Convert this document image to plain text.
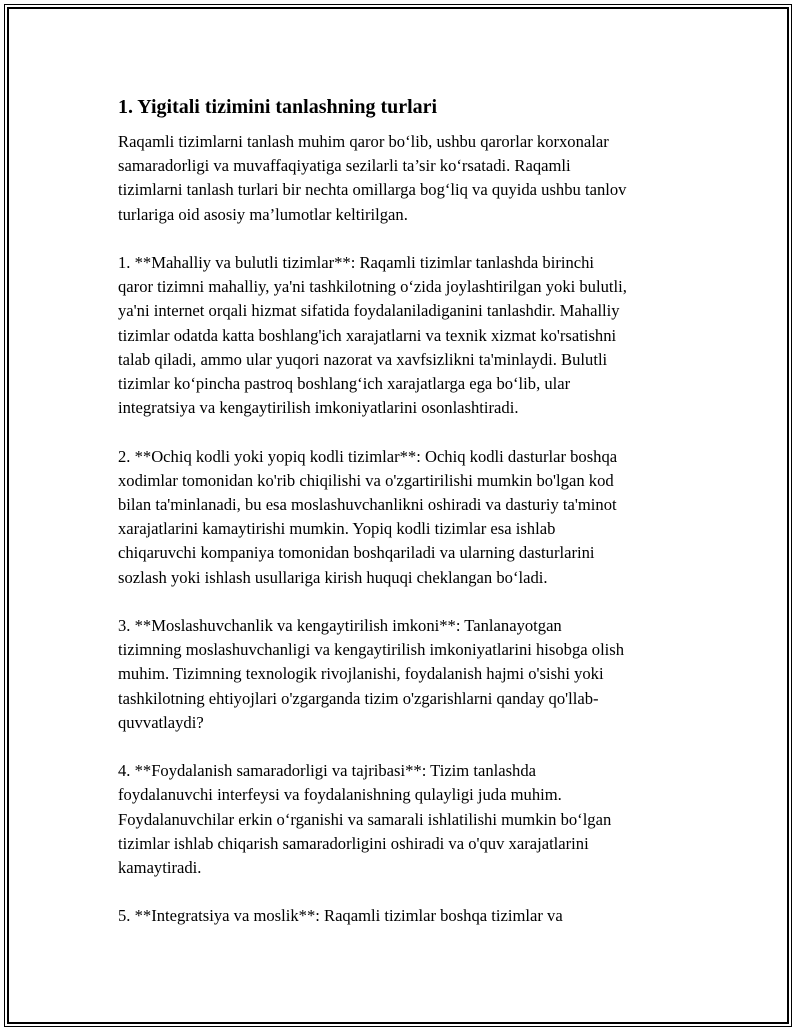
1. Yigitali tizimini tanlashning turlari

Raqamli tizimlarni tanlash muhim qaror bo‘lib, ushbu qarorlar korxonalar
samaradorligi va muvaffaqiyatiga sezilarli ta’sir ko‘rsatadi. Raqamli
tizimlarni tanlash turlari bir nechta omillarga bog‘liq va quyida ushbu tanlov
turlariga oid asosiy ma’lumotlar keltirilgan.

1. **Mahalliy va bulutli tizimlar**: Raqamli tizimlar tanlashda birinchi
qaror tizimni mahalliy, ya'ni tashkilotning o‘zida joylashtirilgan yoki bulutli,
ya'ni internet orqali hizmat sifatida foydalaniladiganini tanlashdir. Mahalliy
tizimlar odatda katta boshlang'ich xarajatlarni va texnik xizmat ko'rsatishni
talab qiladi, ammo ular yuqori nazorat va xavfsizlikni ta'minlaydi. Bulutli
tizimlar ko‘pincha pastroq boshlang‘ich xarajatlarga ega bo‘lib, ular
integratsiya va kengaytirilish imkoniyatlarini osonlashtiradi.

2. **Ochiq kodli yoki yopiq kodli tizimlar**: Ochiq kodli dasturlar boshqa
xodimlar tomonidan ko'rib chiqilishi va o'zgartirilishi mumkin bo'lgan kod
bilan ta'minlanadi, bu esa moslashuvchanlikni oshiradi va dasturiy ta'minot
xarajatlarini kamaytirishi mumkin. Yopiq kodli tizimlar esa ishlab
chiqaruvchi kompaniya tomonidan boshqariladi va ularning dasturlarini
sozlash yoki ishlash usullariga kirish huquqi cheklangan bo‘ladi.

3. **Moslashuvchanlik va kengaytirilish imkoni**: Tanlanayotgan
tizimning moslashuvchanligi va kengaytirilish imkoniyatlarini hisobga olish
muhim. Tizimning texnologik rivojlanishi, foydalanish hajmi o'sishi yoki
tashkilotning ehtiyojlari o'zgarganda tizim o'zgarishlarni qanday qo'llab-
quvvatlaydi?

4. **Foydalanish samaradorligi va tajribasi**: Tizim tanlashda
foydalanuvchi interfeysi va foydalanishning qulayligi juda muhim.
Foydalanuvchilar erkin o‘rganishi va samarali ishlatilishi mumkin bo‘lgan
tizimlar ishlab chiqarish samaradorligini oshiradi va o'quv xarajatlarini
kamaytiradi.

5. **Integratsiya va moslik**: Raqamli tizimlar boshqa tizimlar va
